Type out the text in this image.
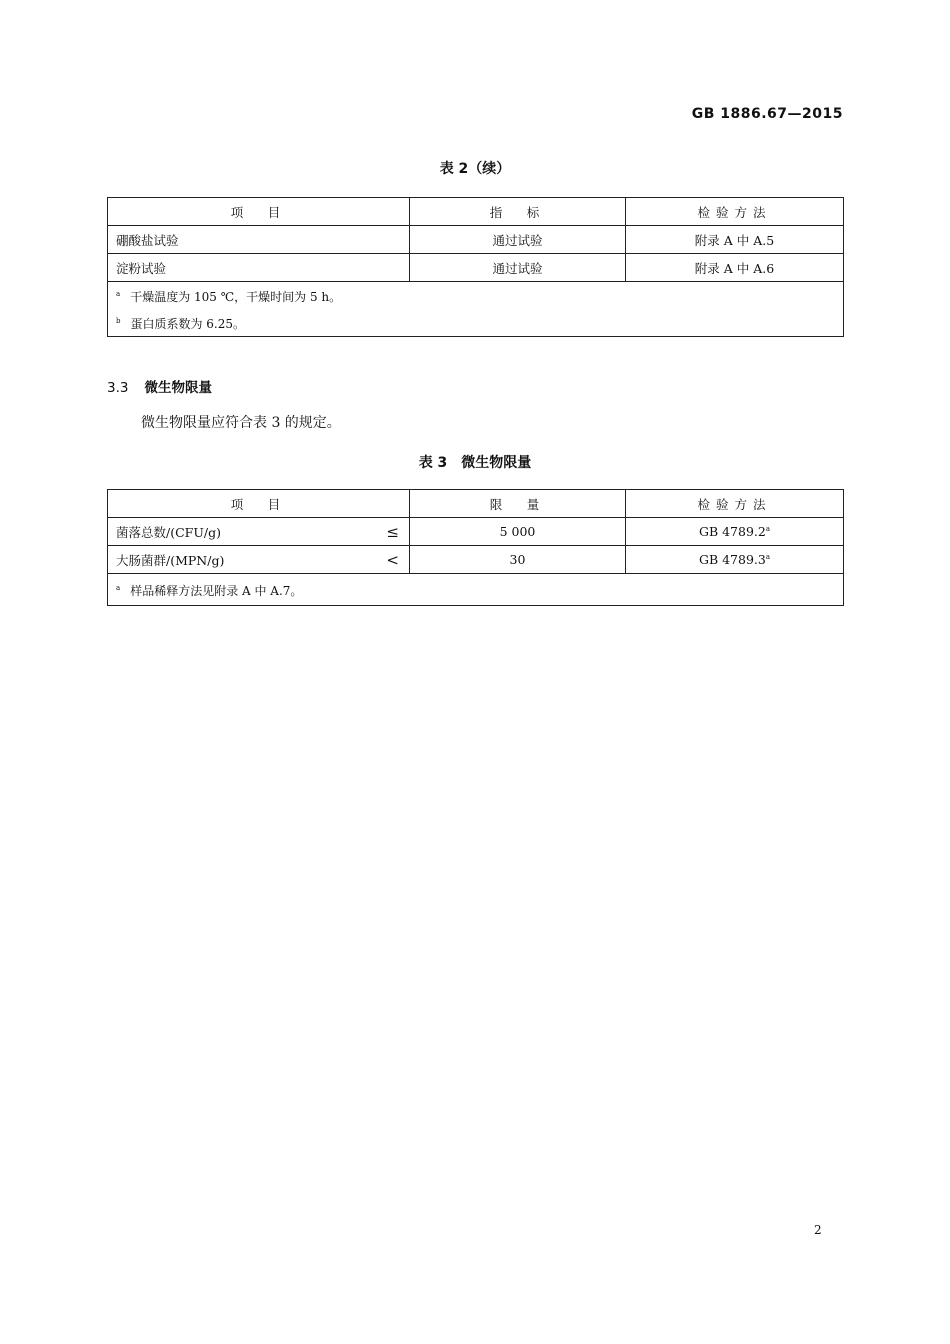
GB 1886.67—2015
表 2（续）
项　目	指　标	检验方法
硼酸盐试验	通过试验	附录 A 中 A.5
淀粉试验	通过试验	附录 A 中 A.6

$^a$ 干燥温度为 105 ℃，干燥时间为 5 h。
$^b$ 蛋白质系数为 6.25。		
3.3 微生物限量
微生物限量应符合表 3 的规定。
表 3　微生物限量
项　目	限　量	检验方法
菌落总数/(CFU/g) ≤	5 000	GB 4789.2$^a$
大肠菌群/(MPN/g) <	30	GB 4789.3$^a$

$^a$ 样品稀释方法见附录 A 中 A.7。		
2
